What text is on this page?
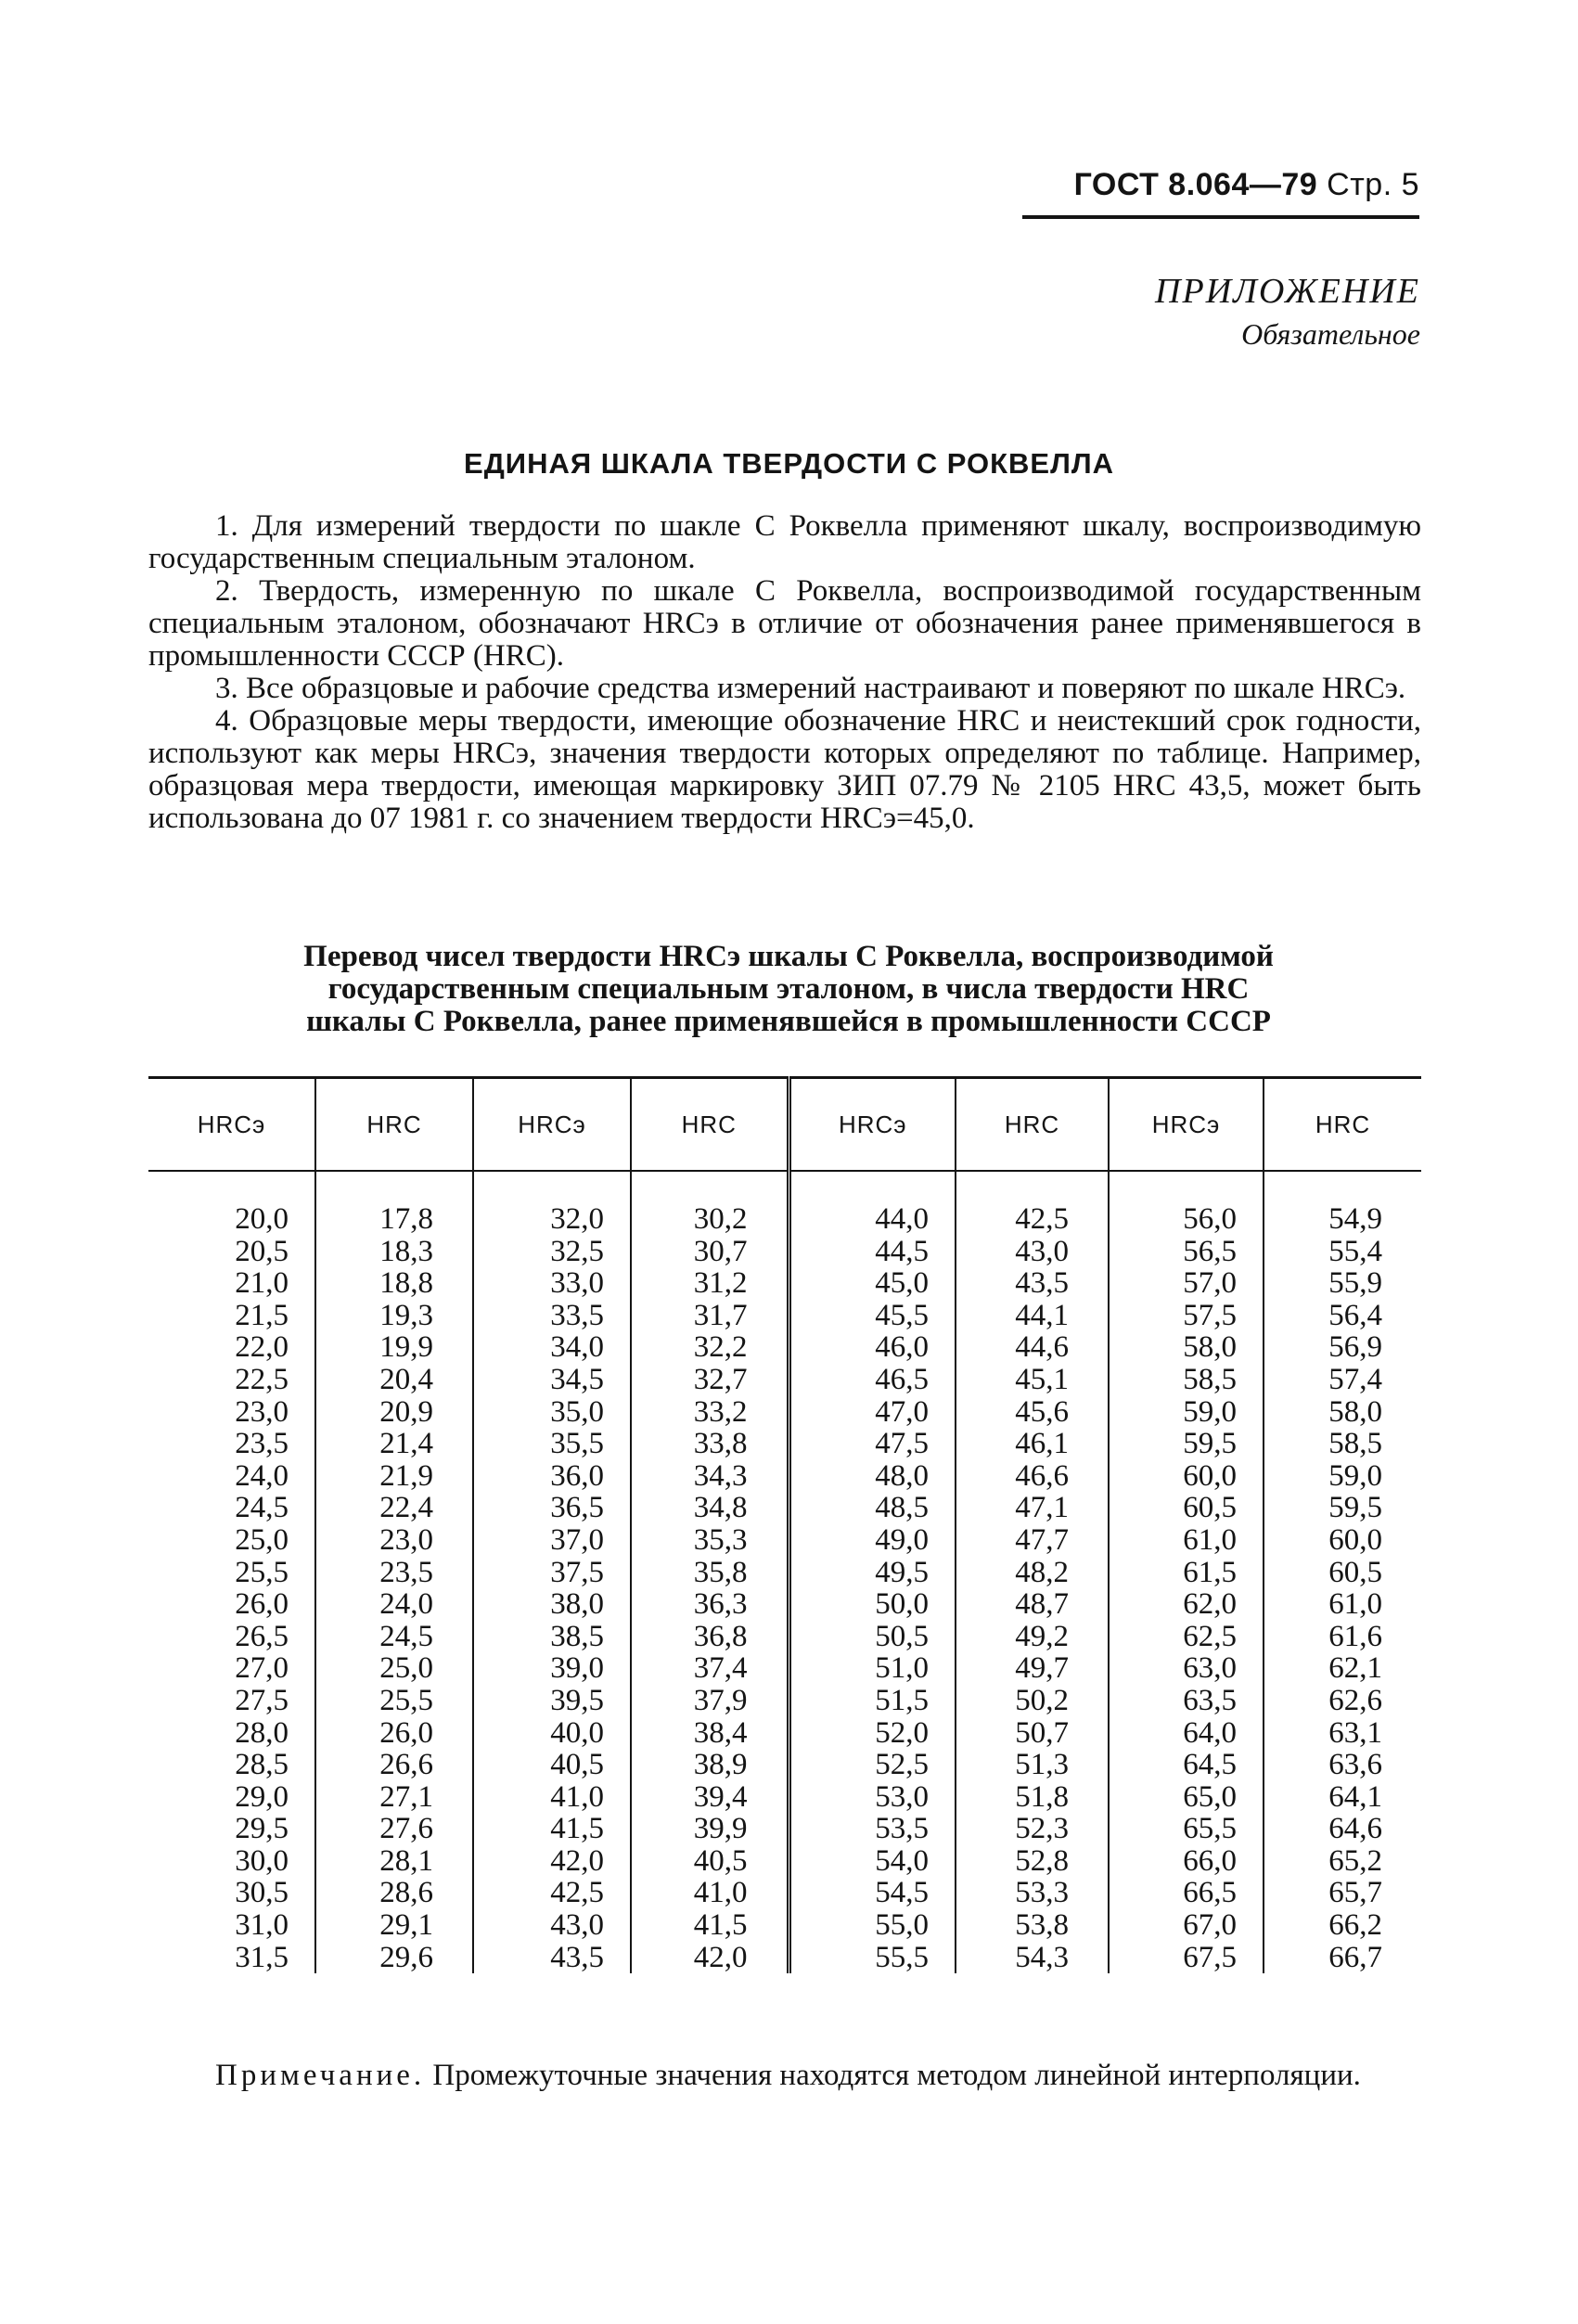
ГОСТ 8.064—79 Стр. 5
ПРИЛОЖЕНИЕ
Обязательное
ЕДИНАЯ ШКАЛА ТВЕРДОСТИ С РОКВЕЛЛА

1. Для измерений твердости по шакле С Роквелла применяют шкалу, воспроизводимую государственным специальным эталоном.

2. Твердость, измеренную по шкале С Роквелла, воспроизводимой государственным специальным эталоном, обозначают HRCэ в отличие от обозначения ранее применявшегося в промышленности СССР (HRC).

3. Все образцовые и рабочие средства измерений настраивают и поверяют по шкале HRCэ.

4. Образцовые меры твердости, имеющие обозначение HRC и неистекший срок годности, используют как меры HRCэ, значения твердости которых определяют по таблице. Например, образцовая мера твердости, имеющая маркировку ЗИП 07.79 № 2105 HRC 43,5, может быть использована до 07 1981 г. со значением твердости HRCэ=45,0.

Перевод чисел твердости HRCэ шкалы С Роквелла, воспроизводимой
государственным специальным эталоном, в числа твердости HRC
шкалы С Роквелла, ранее применявшейся в промышленности СССР
HRCэ	HRC	HRCэ	HRC	HRCэ	HRC	HRCэ	HRC

20,0	17,8	32,0	30,2	44,0	42,5	56,0	54,9
20,5	18,3	32,5	30,7	44,5	43,0	56,5	55,4
21,0	18,8	33,0	31,2	45,0	43,5	57,0	55,9
21,5	19,3	33,5	31,7	45,5	44,1	57,5	56,4
22,0	19,9	34,0	32,2	46,0	44,6	58,0	56,9
22,5	20,4	34,5	32,7	46,5	45,1	58,5	57,4
23,0	20,9	35,0	33,2	47,0	45,6	59,0	58,0
23,5	21,4	35,5	33,8	47,5	46,1	59,5	58,5
24,0	21,9	36,0	34,3	48,0	46,6	60,0	59,0
24,5	22,4	36,5	34,8	48,5	47,1	60,5	59,5
25,0	23,0	37,0	35,3	49,0	47,7	61,0	60,0
25,5	23,5	37,5	35,8	49,5	48,2	61,5	60,5
26,0	24,0	38,0	36,3	50,0	48,7	62,0	61,0
26,5	24,5	38,5	36,8	50,5	49,2	62,5	61,6
27,0	25,0	39,0	37,4	51,0	49,7	63,0	62,1
27,5	25,5	39,5	37,9	51,5	50,2	63,5	62,6
28,0	26,0	40,0	38,4	52,0	50,7	64,0	63,1
28,5	26,6	40,5	38,9	52,5	51,3	64,5	63,6
29,0	27,1	41,0	39,4	53,0	51,8	65,0	64,1
29,5	27,6	41,5	39,9	53,5	52,3	65,5	64,6
30,0	28,1	42,0	40,5	54,0	52,8	66,0	65,2
30,5	28,6	42,5	41,0	54,5	53,3	66,5	65,7
31,0	29,1	43,0	41,5	55,0	53,8	67,0	66,2
31,5	29,6	43,5	42,0	55,5	54,3	67,5	66,7
Примечание. Промежуточные значения находятся методом линейной интерполяции.
